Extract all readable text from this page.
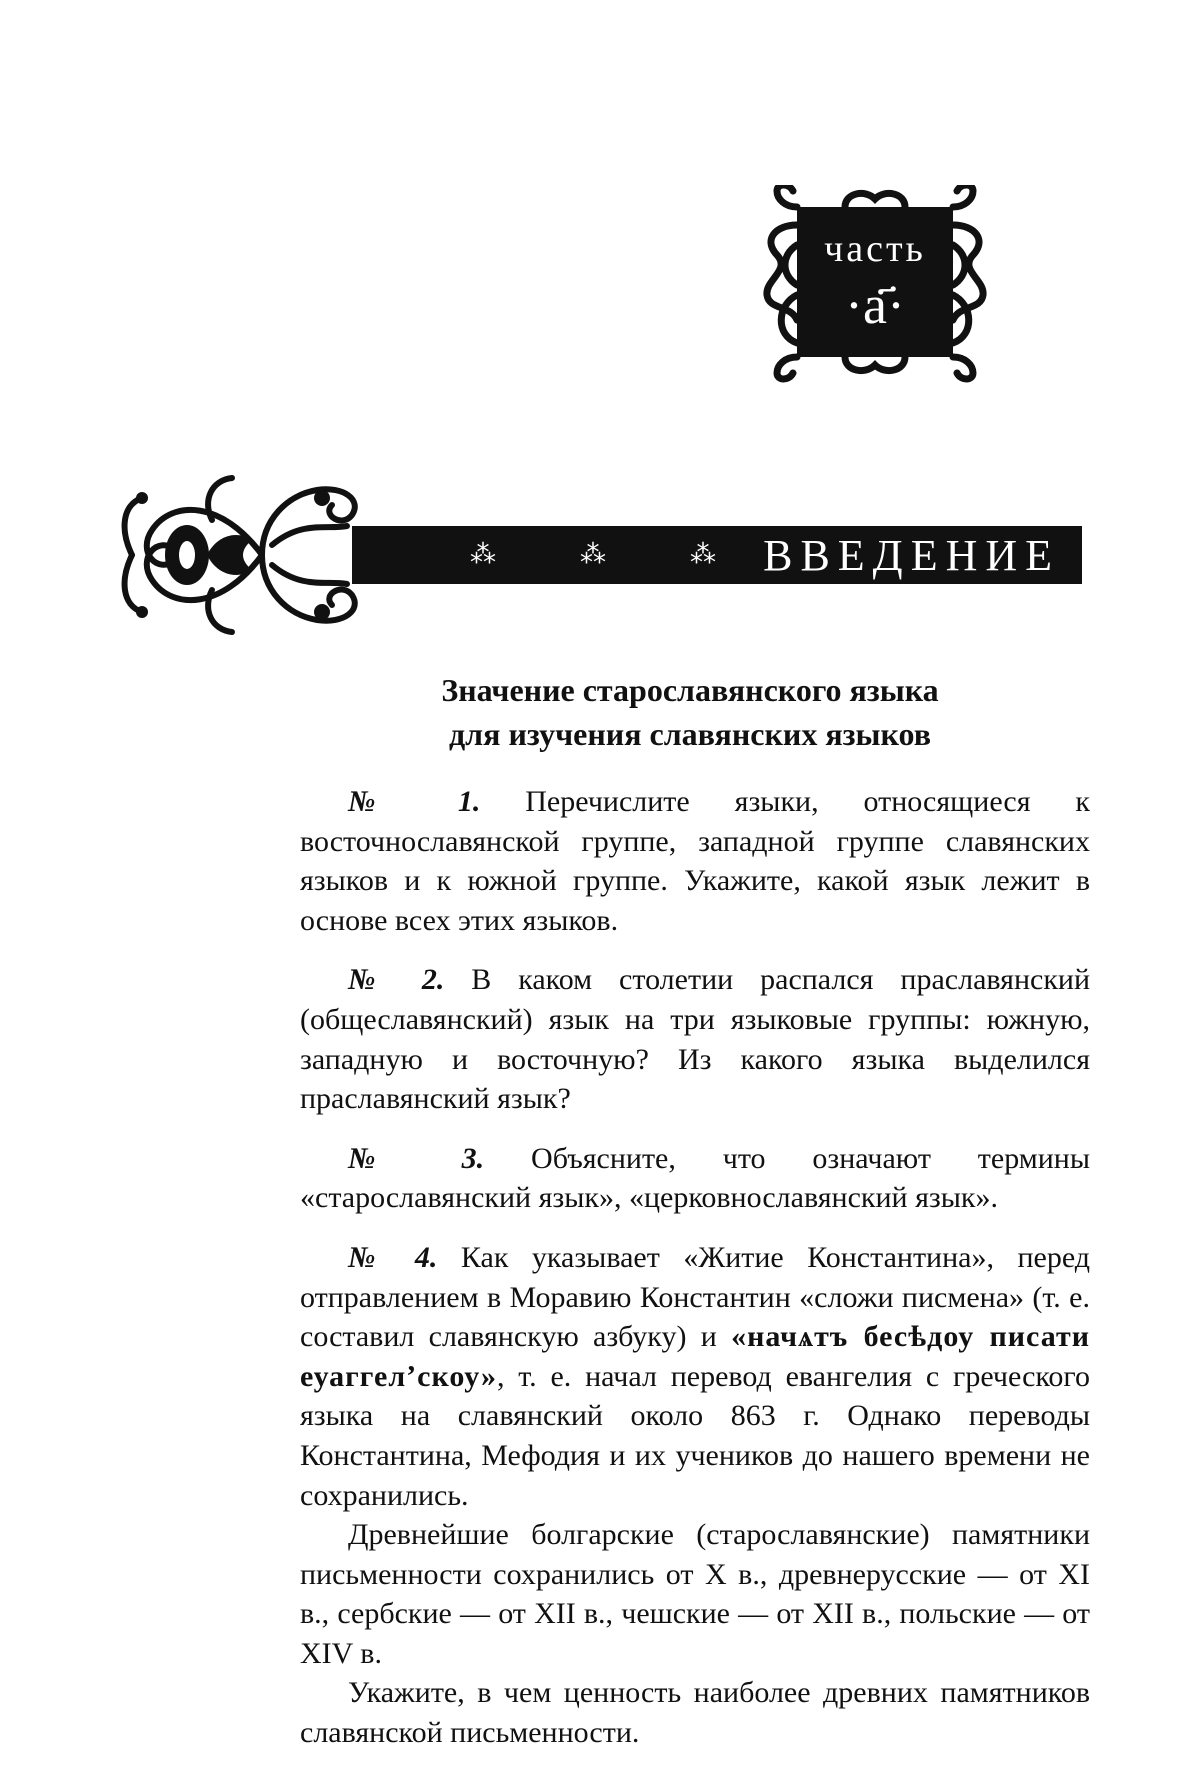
часть
·а҃·
⁂	⁂	⁂ ВВЕДЕНИЕ
Значение старославянского языка
для изучения славянских языков

№ 1. Перечислите языки, относящиеся к восточнославянской группе, западной группе славянских языков и к южной группе. Укажите, какой язык лежит в основе всех этих языков.

№ 2. В каком столетии распался праславянский (общеславянский) язык на три языковые группы: южную, западную и восточную? Из какого языка выделился праславянский язык?

№ 3. Объясните, что означают термины «старославянский язык», «церковнославянский язык».

№ 4. Как указывает «Житие Константина», перед отправлением в Моравию Константин «сложи писмена» (т. е. составил славянскую азбуку) и «начѧтъ бесѣдоу писати еуаггелʼскоу», т. е. начал перевод евангелия с греческого языка на славянский около 863 г. Однако переводы Константина, Мефодия и их учеников до нашего времени не сохранились.

Древнейшие болгарские (старославянские) памятники письменности сохранились от X в., древнерусские — от XI в., сербские — от XII в., чешские — от XII в., польские — от XIV в.

Укажите, в чем ценность наиболее древних памятников славянской письменности.
